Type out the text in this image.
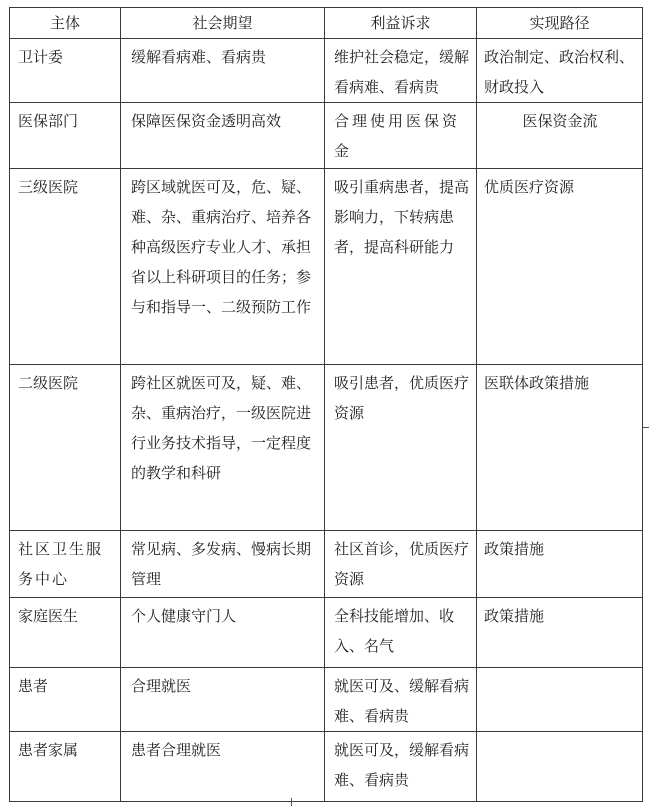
主体	社会期望	利益诉求	实现路径
卫计委	缓解看病难、看病贵	维护社会稳定，缓解看病难、看病贵	政治制定、政治权利、财政投入
医保部门	保障医保资金透明高效	合理使用医保资金	医保资金流
三级医院	跨区域就医可及，危、疑、难、杂、重病治疗、培养各种高级医疗专业人才、承担省以上科研项目的任务；参与和指导一、二级预防工作	吸引重病患者，提高影响力，下转病患者，提高科研能力	优质医疗资源
二级医院	跨社区就医可及，疑、难、杂、重病治疗，一级医院进行业务技术指导，一定程度的教学和科研	吸引患者，优质医疗资源	医联体政策措施
社区卫生服务中心	常见病、多发病、慢病长期管理	社区首诊，优质医疗资源	政策措施
家庭医生	个人健康守门人	全科技能增加、收入、名气	政策措施
患者	合理就医	就医可及、缓解看病难、看病贵	
患者家属	患者合理就医	就医可及，缓解看病难、看病贵	
